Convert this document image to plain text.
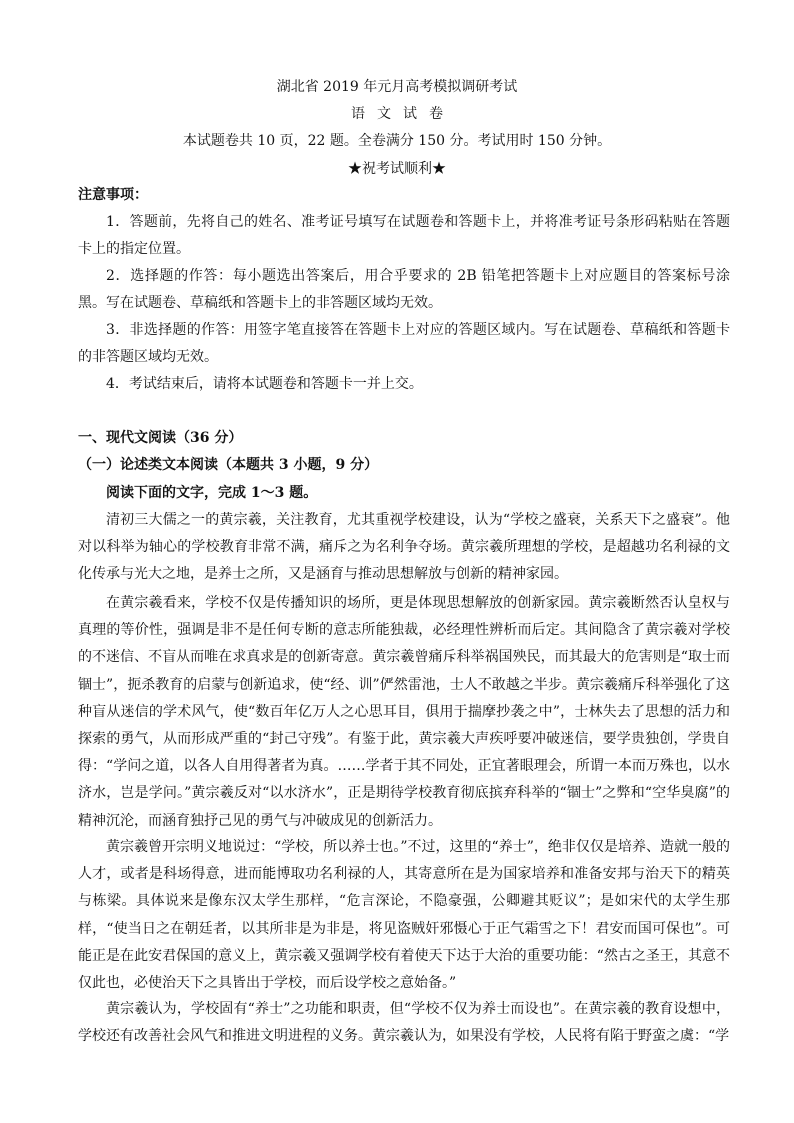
湖北省 2019 年元月高考模拟调研考试
语文试卷
本试题卷共 10 页，22 题。全卷满分 150 分。考试用时 150 分钟。
★祝考试顺利★
注意事项：

1．答题前，先将自己的姓名、准考证号填写在试题卷和答题卡上，并将准考证号条形码粘贴在答题卡上的指定位置。

2．选择题的作答：每小题选出答案后，用合乎要求的 2B 铅笔把答题卡上对应题目的答案标号涂黑。写在试题卷、草稿纸和答题卡上的非答题区域均无效。

3．非选择题的作答：用签字笔直接答在答题卡上对应的答题区域内。写在试题卷、草稿纸和答题卡的非答题区域均无效。

4．考试结束后，请将本试题卷和答题卡一并上交。

一、现代文阅读（36 分）
（一）论述类文本阅读（本题共 3 小题，9 分）
阅读下面的文字，完成 1～3 题。

清初三大儒之一的黄宗羲，关注教育，尤其重视学校建设，认为“学校之盛衰，关系天下之盛衰”。他对以科举为轴心的学校教育非常不满，痛斥之为名利争夺场。黄宗羲所理想的学校，是超越功名利禄的文化传承与光大之地，是养士之所，又是涵育与推动思想解放与创新的精神家园。

在黄宗羲看来，学校不仅是传播知识的场所，更是体现思想解放的创新家园。黄宗羲断然否认皇权与真理的等价性，强调是非不是任何专断的意志所能独裁，必经理性辨析而后定。其间隐含了黄宗羲对学校的不迷信、不盲从而唯在求真求是的创新寄意。黄宗羲曾痛斥科举祸国殃民，而其最大的危害则是“取士而锢士”，扼杀教育的启蒙与创新追求，使“经、训”俨然雷池，士人不敢越之半步。黄宗羲痛斥科举强化了这种盲从迷信的学术风气，使“数百年亿万人之心思耳目，俱用于揣摩抄袭之中”，士林失去了思想的活力和探索的勇气，从而形成严重的“封己守残”。有鉴于此，黄宗羲大声疾呼要冲破迷信，要学贵独创，学贵自得：“学问之道，以各人自用得著者为真。……学者于其不同处，正宜著眼理会，所谓一本而万殊也，以水济水，岂是学问。”黄宗羲反对“以水济水”，正是期待学校教育彻底摈弃科举的“锢士”之弊和“空华臭腐”的精神沉沦，而涵育独抒己见的勇气与冲破成见的创新活力。

黄宗羲曾开宗明义地说过：“学校，所以养士也。”不过，这里的“养士”，绝非仅仅是培养、造就一般的人才，或者是科场得意，进而能博取功名利禄的人，其寄意所在是为国家培养和准备安邦与治天下的精英与栋梁。具体说来是像东汉太学生那样，“危言深论，不隐豪强，公卿避其贬议”；是如宋代的太学生那样，“使当日之在朝廷者，以其所非是为非是，将见盗贼奸邪慑心于正气霜雪之下！君安而国可保也”。可能正是在此安君保国的意义上，黄宗羲又强调学校有着使天下达于大治的重要功能：“然古之圣王，其意不仅此也，必使治天下之具皆出于学校，而后设学校之意始备。”

黄宗羲认为，学校固有“养士”之功能和职责，但“学校不仅为养士而设也”。在黄宗羲的教育设想中，学校还有改善社会风气和推进文明进程的义务。黄宗羲认为，如果没有学校，人民将有陷于野蛮之虞：“学
